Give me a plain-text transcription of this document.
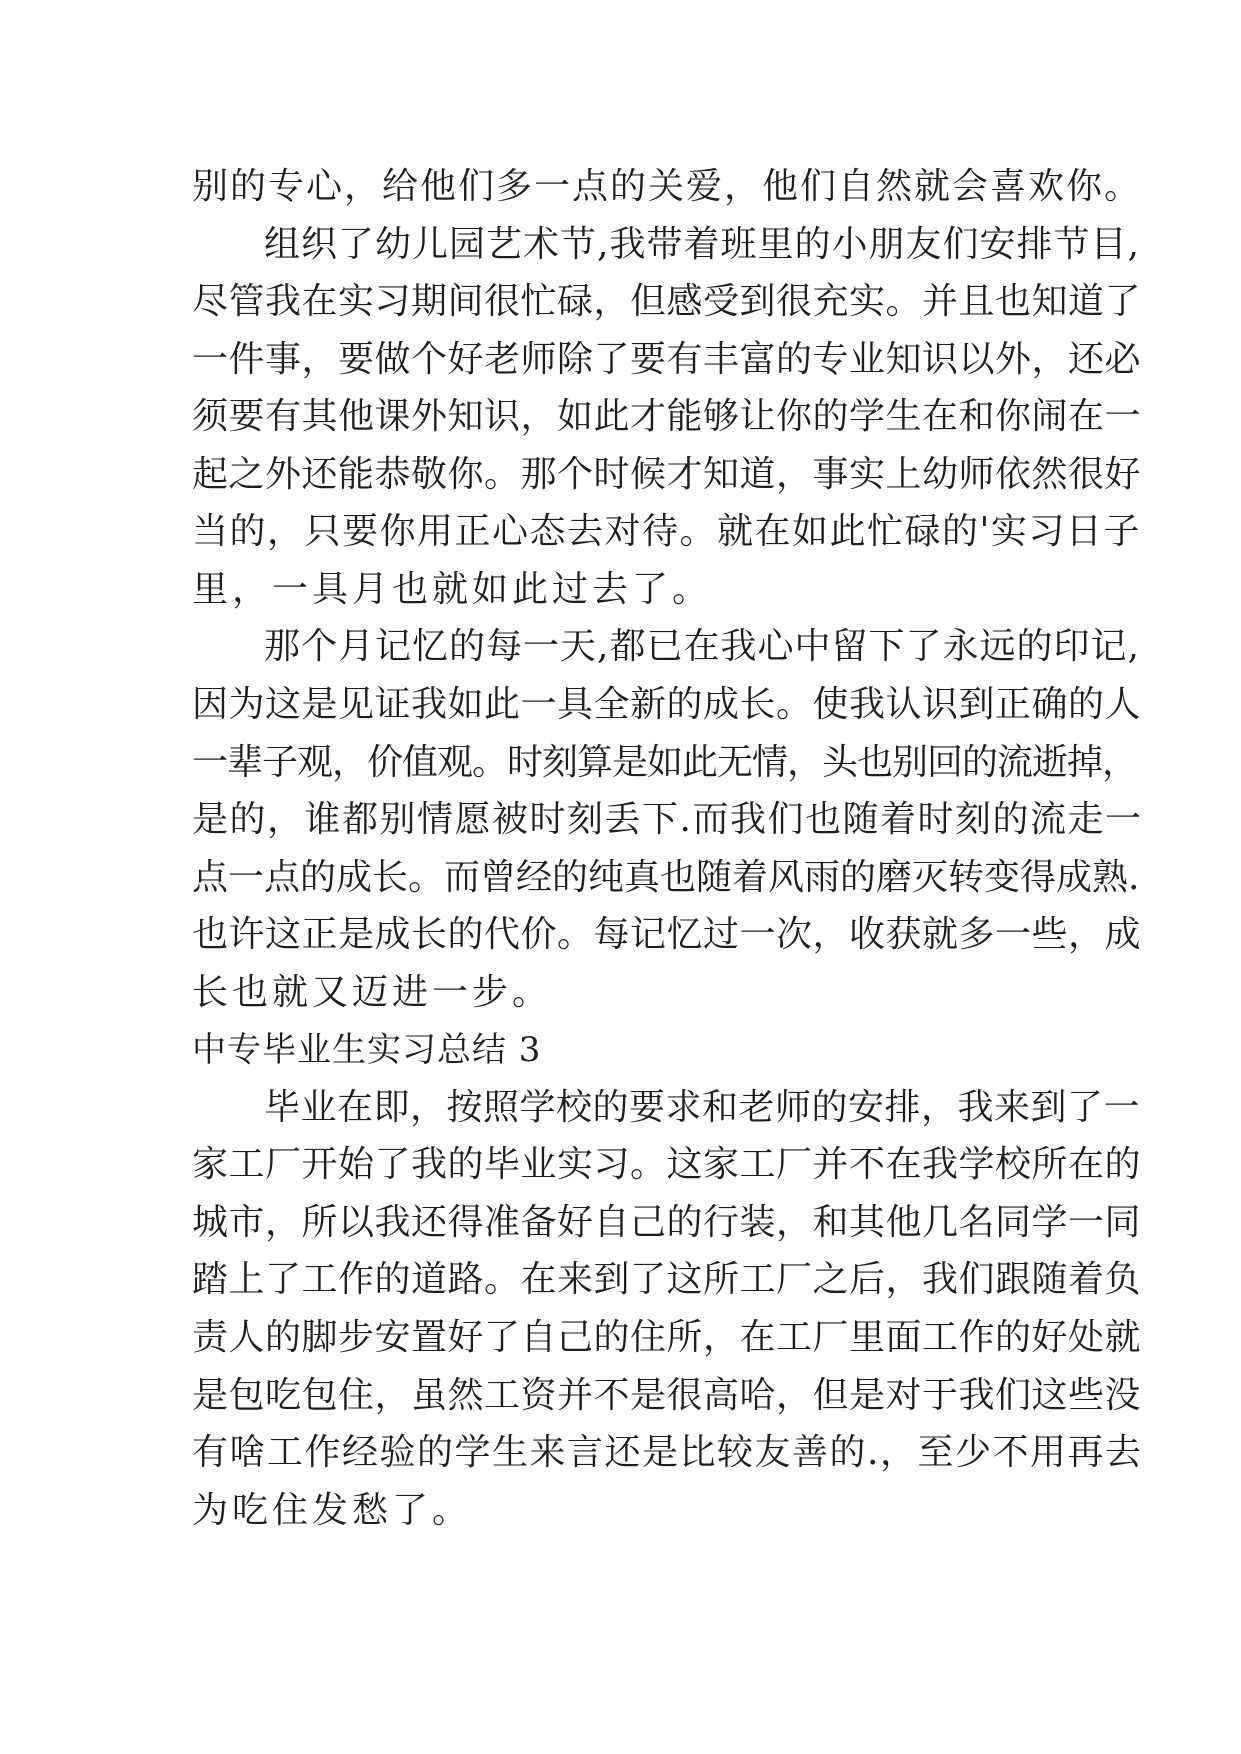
别的专心，给他们多一点的关爱，他们自然就会喜欢你。
组织了幼儿园艺术节,我带着班里的小朋友们安排节目,
尽管我在实习期间很忙碌，但感受到很充实。并且也知道了
一件事，要做个好老师除了要有丰富的专业知识以外，还必
须要有其他课外知识，如此才能够让你的学生在和你闹在一
起之外还能恭敬你。那个时候才知道，事实上幼师依然很好
当的，只要你用正心态去对待。就在如此忙碌的'实习日子
里，一具月也就如此过去了。
那个月记忆的每一天,都已在我心中留下了永远的印记,
因为这是见证我如此一具全新的成长。使我认识到正确的人
一辈子观，价值观。时刻算是如此无情，头也别回的流逝掉，
是的，谁都别情愿被时刻丢下.而我们也随着时刻的流走一
点一点的成长。而曾经的纯真也随着风雨的磨灭转变得成熟.
也许这正是成长的代价。每记忆过一次，收获就多一些，成
长也就又迈进一步。
中专毕业生实习总结 3
毕业在即，按照学校的要求和老师的安排，我来到了一
家工厂开始了我的毕业实习。这家工厂并不在我学校所在的
城市，所以我还得准备好自己的行装，和其他几名同学一同
踏上了工作的道路。在来到了这所工厂之后，我们跟随着负
责人的脚步安置好了自己的住所，在工厂里面工作的好处就
是包吃包住，虽然工资并不是很高哈，但是对于我们这些没
有啥工作经验的学生来言还是比较友善的.，至少不用再去
为吃住发愁了。
